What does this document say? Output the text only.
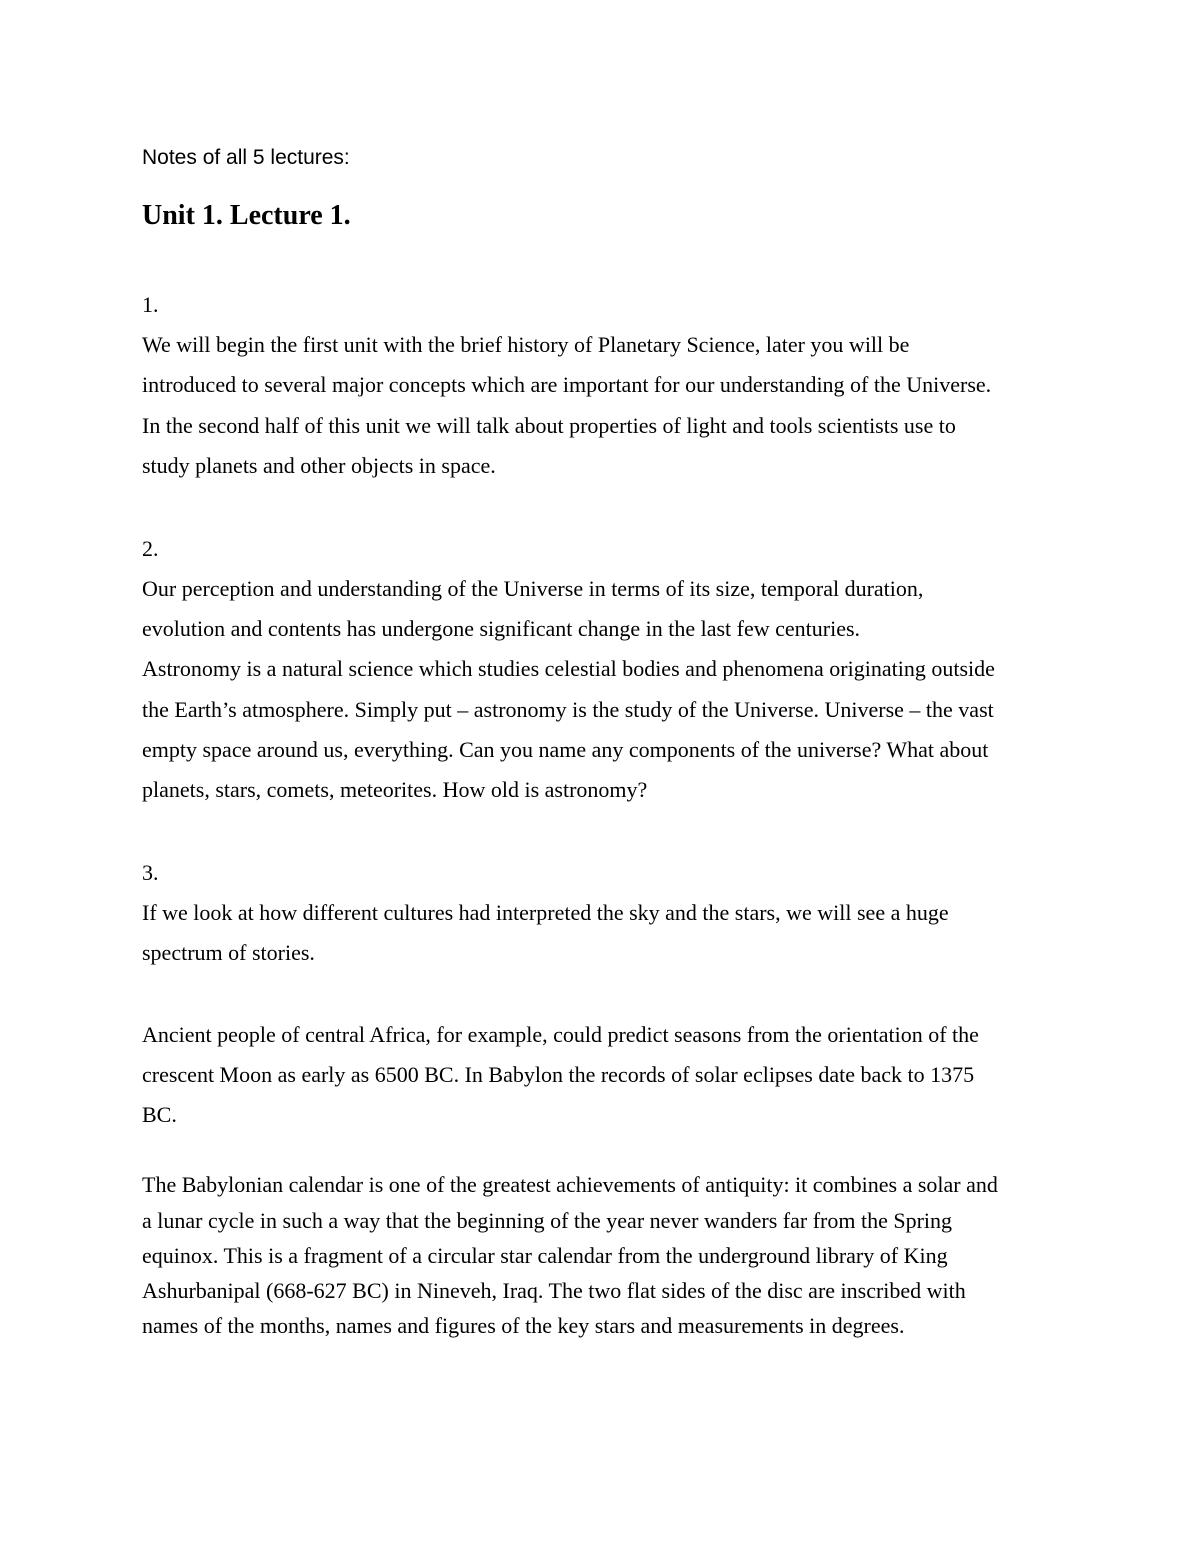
Notes of all 5 lectures:
Unit 1. Lecture 1.
1.
We will begin the first unit with the brief history of Planetary Science, later you will be
introduced to several major concepts which are important for our understanding of the Universe.
In the second half of this unit we will talk about properties of light and tools scientists use to
study planets and other objects in space.
2.
Our perception and understanding of the Universe in terms of its size, temporal duration,
evolution and contents has undergone significant change in the last few centuries.
Astronomy is a natural science which studies celestial bodies and phenomena originating outside
the Earth’s atmosphere. Simply put – astronomy is the study of the Universe. Universe – the vast
empty space around us, everything. Can you name any components of the universe? What about
planets, stars, comets, meteorites. How old is astronomy?
3.
If we look at how different cultures had interpreted the sky and the stars, we will see a huge
spectrum of stories.
Ancient people of central Africa, for example, could predict seasons from the orientation of the
crescent Moon as early as 6500 BC. In Babylon the records of solar eclipses date back to 1375
BC.
The Babylonian calendar is one of the greatest achievements of antiquity: it combines a solar and
a lunar cycle in such a way that the beginning of the year never wanders far from the Spring
equinox. This is a fragment of a circular star calendar from the underground library of King
Ashurbanipal (668-627 BC) in Nineveh, Iraq. The two flat sides of the disc are inscribed with
names of the months, names and figures of the key stars and measurements in degrees.
